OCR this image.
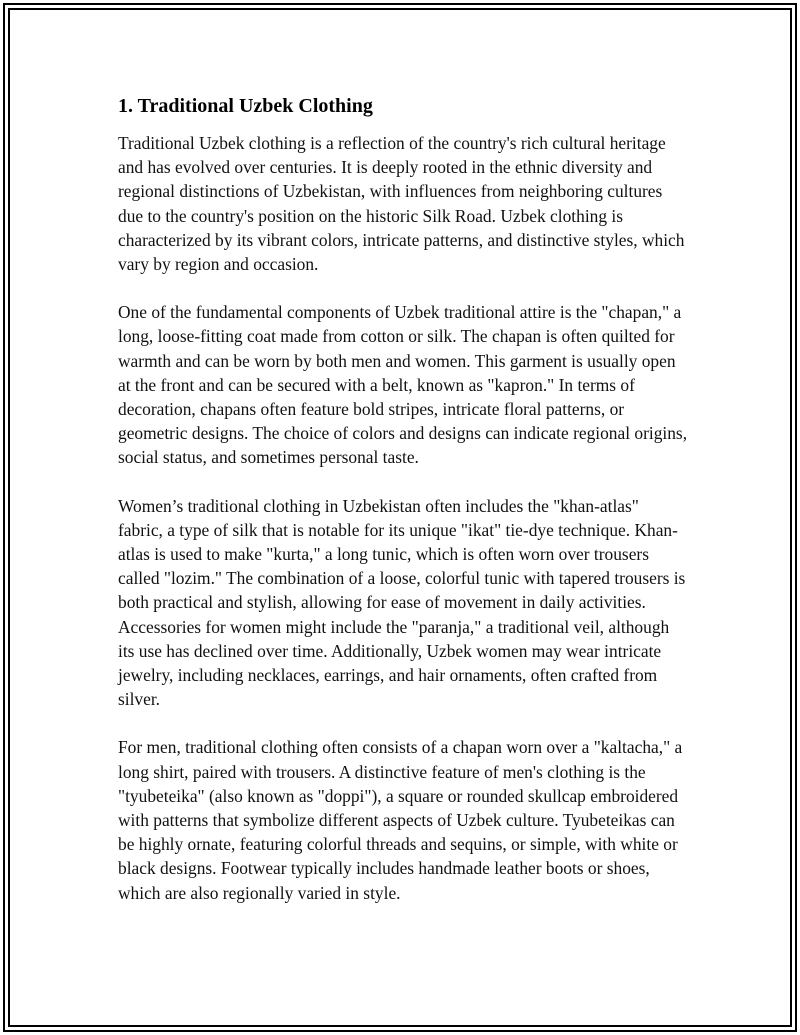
1. Traditional Uzbek Clothing

Traditional Uzbek clothing is a reflection of the country's rich cultural heritage and has evolved over centuries. It is deeply rooted in the ethnic diversity and regional distinctions of Uzbekistan, with influences from neighboring cultures due to the country's position on the historic Silk Road. Uzbek clothing is characterized by its vibrant colors, intricate patterns, and distinctive styles, which vary by region and occasion.

One of the fundamental components of Uzbek traditional attire is the "chapan," a long, loose-fitting coat made from cotton or silk. The chapan is often quilted for warmth and can be worn by both men and women. This garment is usually open at the front and can be secured with a belt, known as "kapron." In terms of decoration, chapans often feature bold stripes, intricate floral patterns, or geometric designs. The choice of colors and designs can indicate regional origins, social status, and sometimes personal taste.

Women’s traditional clothing in Uzbekistan often includes the "khan-atlas" fabric, a type of silk that is notable for its unique "ikat" tie-dye technique. Khan-atlas is used to make "kurta," a long tunic, which is often worn over trousers called "lozim." The combination of a loose, colorful tunic with tapered trousers is both practical and stylish, allowing for ease of movement in daily activities. Accessories for women might include the "paranja," a traditional veil, although its use has declined over time. Additionally, Uzbek women may wear intricate jewelry, including necklaces, earrings, and hair ornaments, often crafted from silver.

For men, traditional clothing often consists of a chapan worn over a "kaltacha," a long shirt, paired with trousers. A distinctive feature of men's clothing is the "tyubeteika" (also known as "doppi"), a square or rounded skullcap embroidered with patterns that symbolize different aspects of Uzbek culture. Tyubeteikas can be highly ornate, featuring colorful threads and sequins, or simple, with white or black designs. Footwear typically includes handmade leather boots or shoes, which are also regionally varied in style.
